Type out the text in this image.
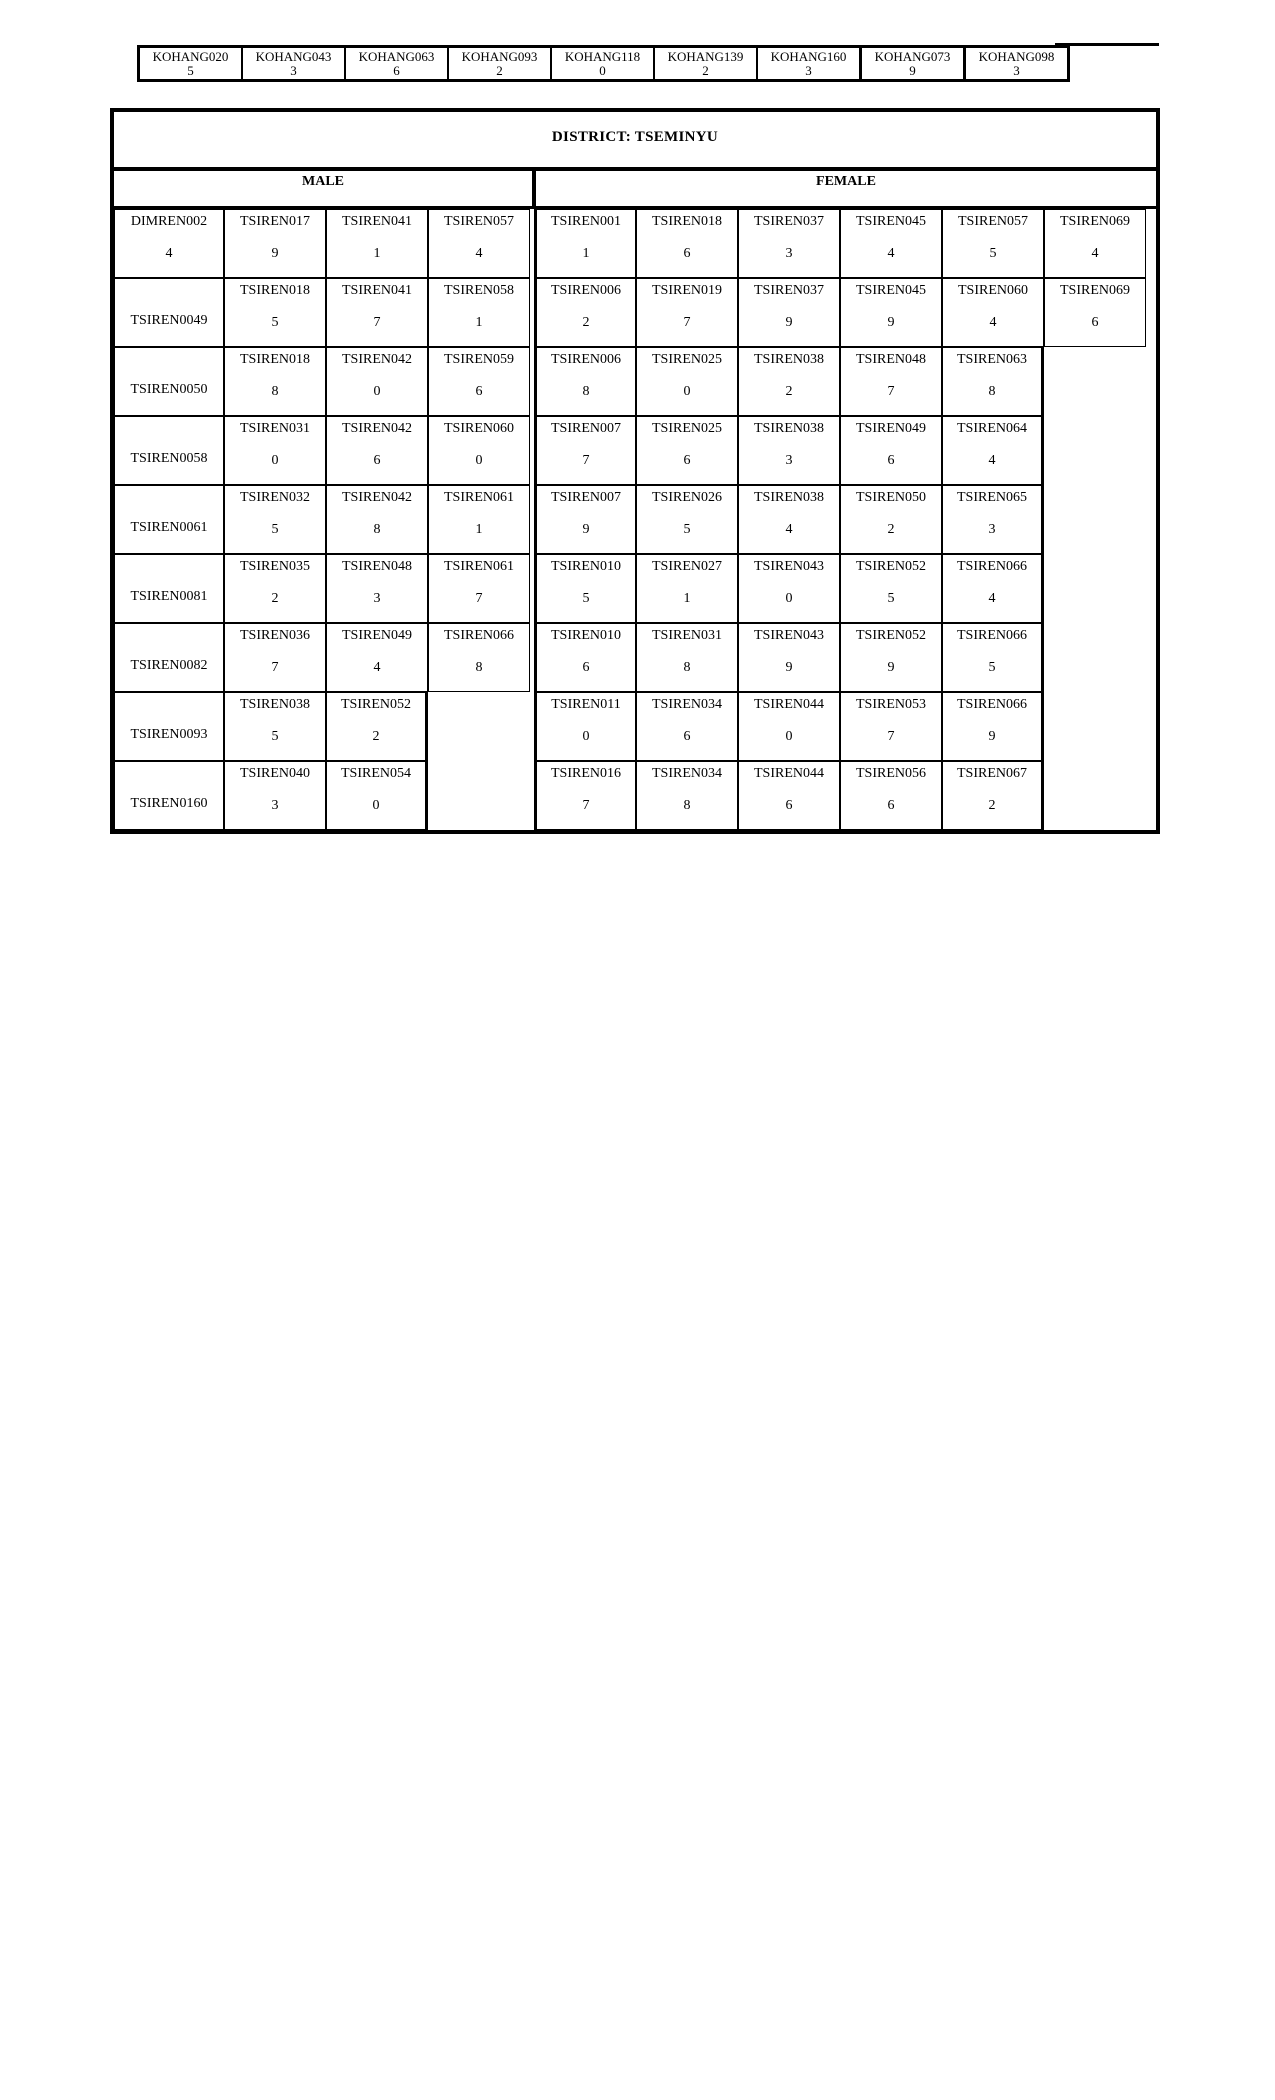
KOHANG020
5
KOHANG043
3
KOHANG063
6
KOHANG093
2
KOHANG118
0
KOHANG139
2
KOHANG160
3
KOHANG073
9
KOHANG098
3
DISTRICT: TSEMINYU
MALE	FEMALE
DIMREN002
4
TSIREN017
9
TSIREN041
1
TSIREN057
4
TSIREN001
1
TSIREN018
6
TSIREN037
3
TSIREN045
4
TSIREN057
5
TSIREN069
4
TSIREN0049
TSIREN018
5
TSIREN041
7
TSIREN058
1
TSIREN006
2
TSIREN019
7
TSIREN037
9
TSIREN045
9
TSIREN060
4
TSIREN069
6
TSIREN0050
TSIREN018
8
TSIREN042
0
TSIREN059
6
TSIREN006
8
TSIREN025
0
TSIREN038
2
TSIREN048
7
TSIREN063
8
TSIREN0058
TSIREN031
0
TSIREN042
6
TSIREN060
0
TSIREN007
7
TSIREN025
6
TSIREN038
3
TSIREN049
6
TSIREN064
4
TSIREN0061
TSIREN032
5
TSIREN042
8
TSIREN061
1
TSIREN007
9
TSIREN026
5
TSIREN038
4
TSIREN050
2
TSIREN065
3
TSIREN0081
TSIREN035
2
TSIREN048
3
TSIREN061
7
TSIREN010
5
TSIREN027
1
TSIREN043
0
TSIREN052
5
TSIREN066
4
TSIREN0082
TSIREN036
7
TSIREN049
4
TSIREN066
8
TSIREN010
6
TSIREN031
8
TSIREN043
9
TSIREN052
9
TSIREN066
5
TSIREN0093
TSIREN038
5
TSIREN052
2
TSIREN011
0
TSIREN034
6
TSIREN044
0
TSIREN053
7
TSIREN066
9
TSIREN0160
TSIREN040
3
TSIREN054
0
TSIREN016
7
TSIREN034
8
TSIREN044
6
TSIREN056
6
TSIREN067
2
